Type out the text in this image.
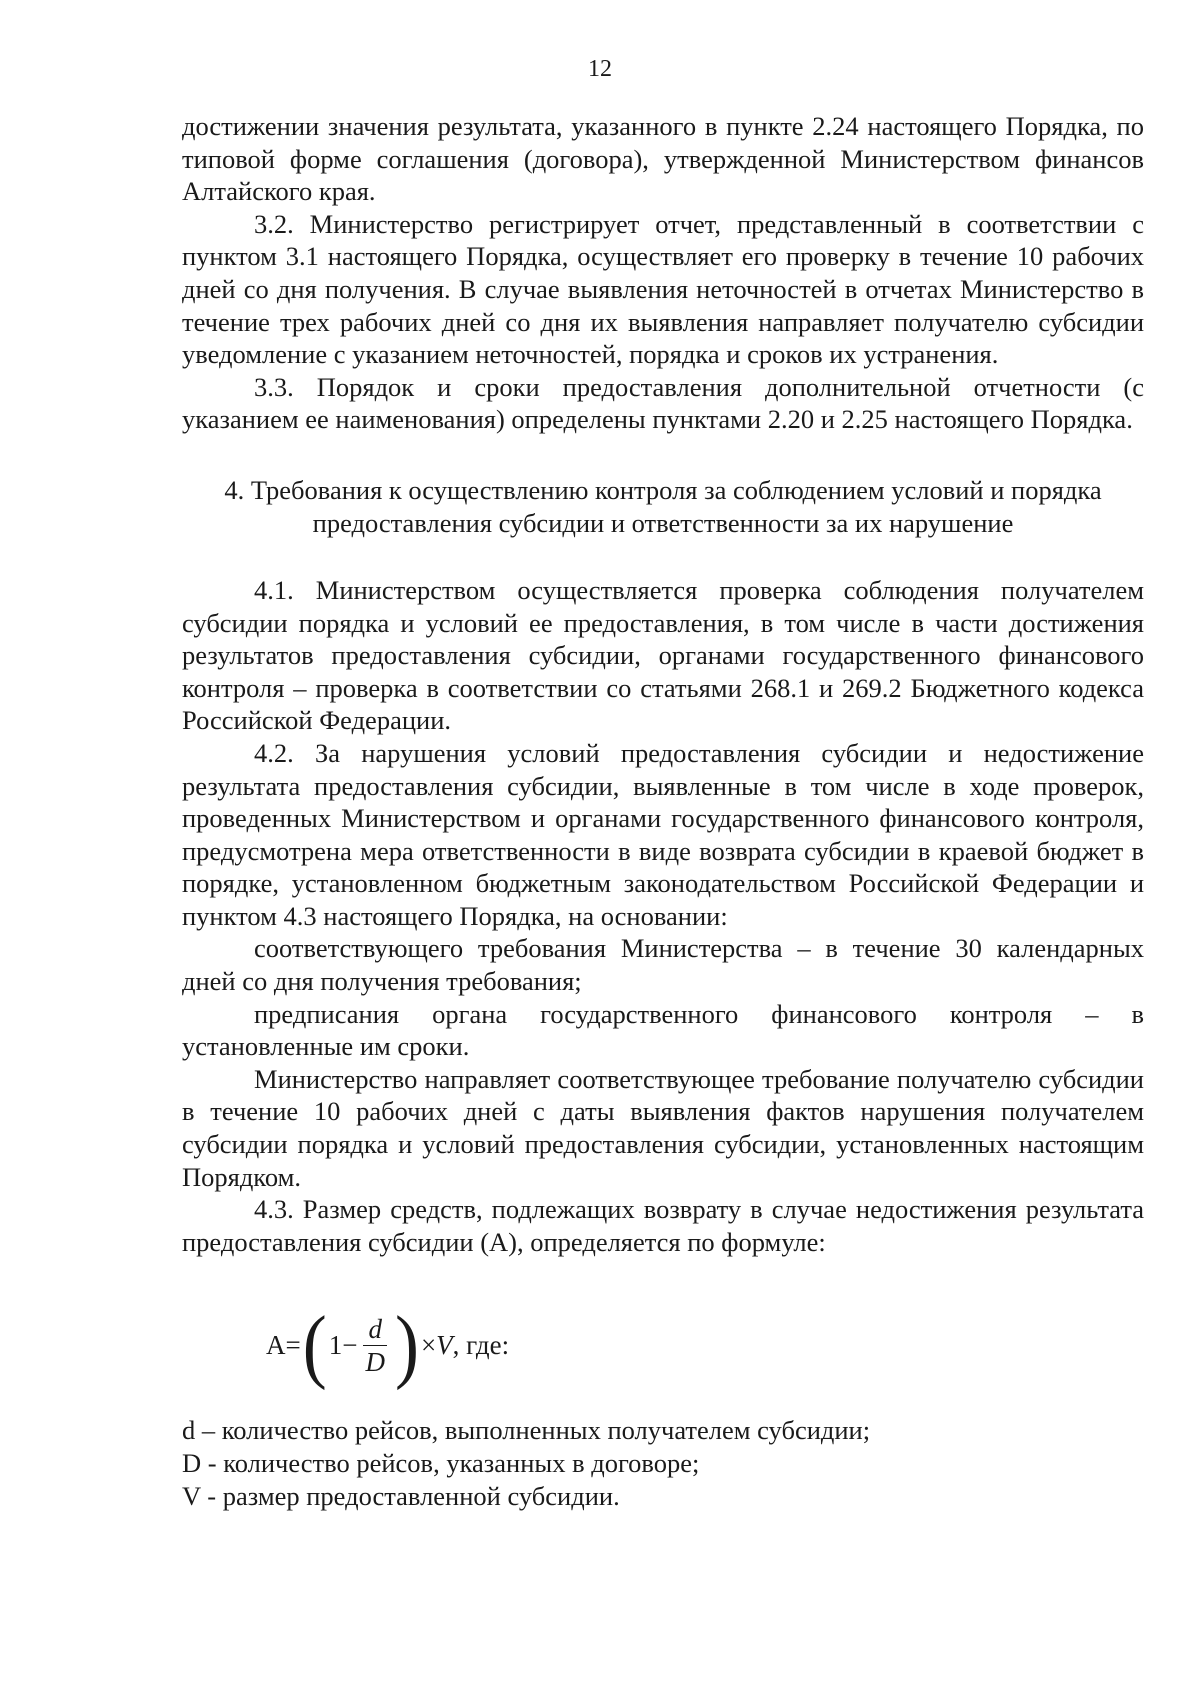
12

достижении значения результата, указанного в пункте 2.24 настоящего Порядка, по типовой форме соглашения (договора), утвержденной Министерством финансов Алтайского края.

3.2. Министерство регистрирует отчет, представленный в соответствии с пунктом 3.1 настоящего Порядка, осуществляет его проверку в течение 10 рабочих дней со дня получения. В случае выявления неточностей в отчетах Министерство в течение трех рабочих дней со дня их выявления направляет получателю субсидии уведомление с указанием неточностей, порядка и сроков их устранения.

3.3. Порядок и сроки предоставления дополнительной отчетности (с указанием ее наименования) определены пунктами 2.20 и 2.25 настоящего Порядка.

4. Требования к осуществлению контроля за соблюдением условий и порядка предоставления субсидии и ответственности за их нарушение

4.1. Министерством осуществляется проверка соблюдения получателем субсидии порядка и условий ее предоставления, в том числе в части достижения результатов предоставления субсидии, органами государственного финансового контроля – проверка в соответствии со статьями 268.1 и 269.2 Бюджетного кодекса Российской Федерации.

4.2. За нарушения условий предоставления субсидии и недостижение результата предоставления субсидии, выявленные в том числе в ходе проверок, проведенных Министерством и органами государственного финансового контроля, предусмотрена мера ответственности в виде возврата субсидии в краевой бюджет в порядке, установленном бюджетным законодательством Российской Федерации и пунктом 4.3 настоящего Порядка, на основании:

соответствующего требования Министерства – в течение 30 календарных дней со дня получения требования;

предписания органа государственного финансового контроля – в установленные им сроки.

Министерство направляет соответствующее требование получателю субсидии в течение 10 рабочих дней с даты выявления фактов нарушения получателем субсидии порядка и условий предоставления субсидии, установленных настоящим Порядком.

4.3. Размер средств, подлежащих возврату в случае недостижения результата предоставления субсидии (А), определяется по формуле:

A = ( $1 - \frac{d}{D}$ ) × V , где:

d – количество рейсов, выполненных получателем субсидии;

D - количество рейсов, указанных в договоре;

V - размер предоставленной субсидии.
